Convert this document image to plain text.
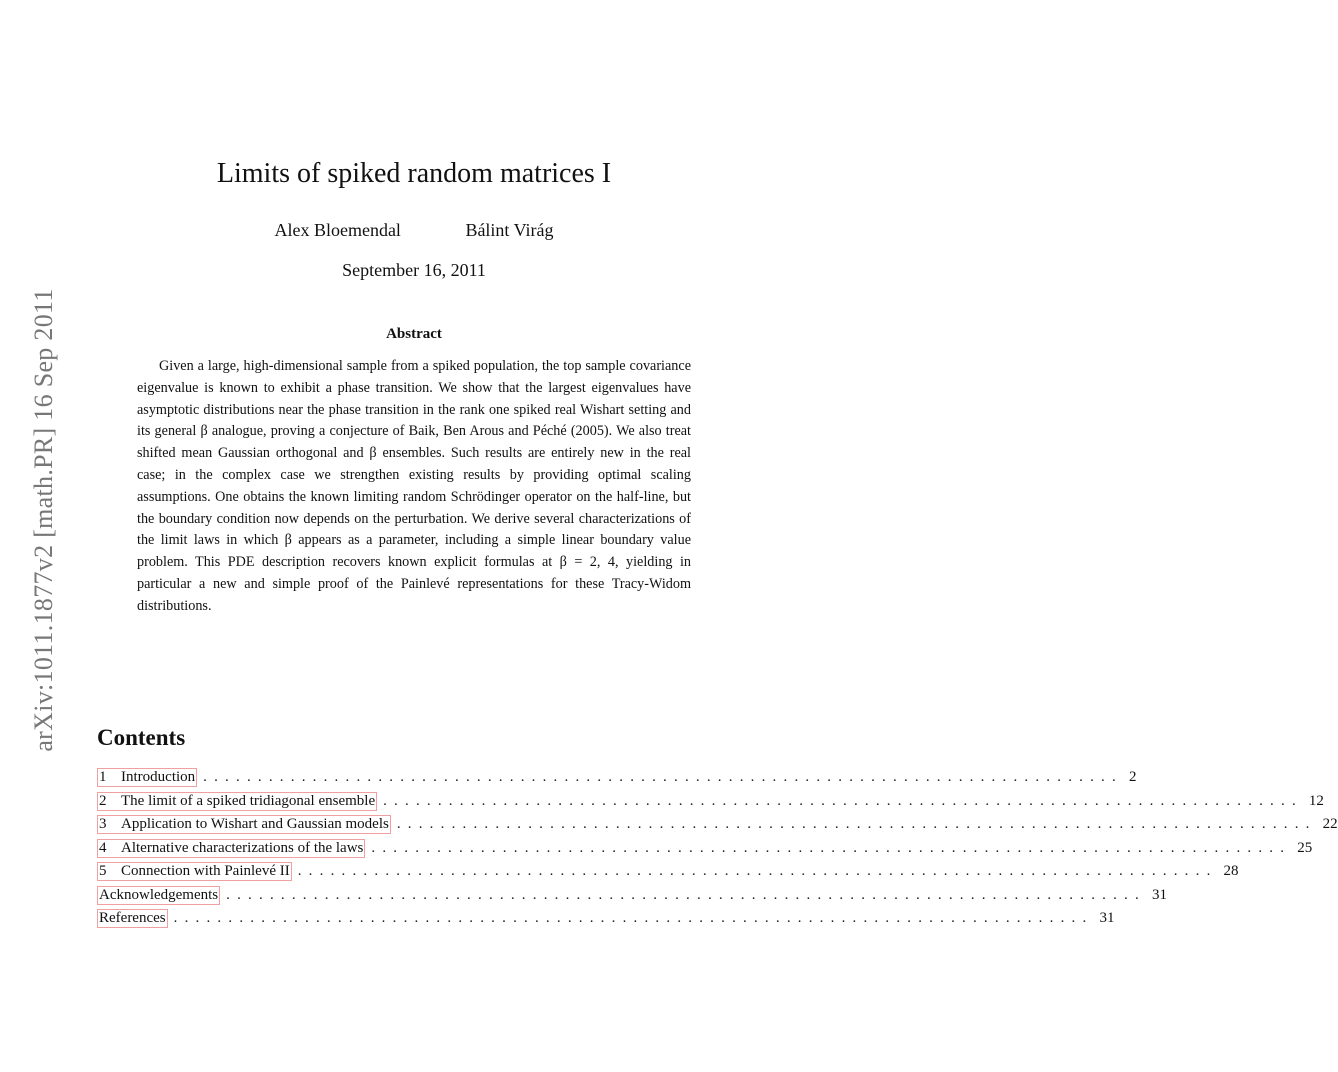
arXiv:1011.1877v2 [math.PR] 16 Sep 2011
Limits of spiked random matrices I
Alex Bloemendal	Bálint Virág
September 16, 2011
Abstract

Given a large, high-dimensional sample from a spiked population, the top sample covariance eigenvalue is known to exhibit a phase transition. We show that the largest eigenvalues have asymptotic distributions near the phase transition in the rank one spiked real Wishart setting and its general β analogue, proving a conjecture of Baik, Ben Arous and Péché (2005). We also treat shifted mean Gaussian orthogonal and β ensembles. Such results are entirely new in the real case; in the complex case we strengthen existing results by providing optimal scaling assumptions. One obtains the known limiting random Schrödinger operator on the half-line, but the boundary condition now depends on the perturbation. We derive several characterizations of the limit laws in which β appears as a parameter, including a simple linear boundary value problem. This PDE description recovers known explicit formulas at β = 2, 4, yielding in particular a new and simple proof of the Painlevé representations for these Tracy-Widom distributions.

Contents
1 Introduction .................................................................................... 2
2 The limit of a spiked tridiagonal ensemble .................................................................................... 12
3 Application to Wishart and Gaussian models .................................................................................... 22
4 Alternative characterizations of the laws .................................................................................... 25
5 Connection with Painlevé II .................................................................................... 28
Acknowledgements .................................................................................... 31
References .................................................................................... 31
